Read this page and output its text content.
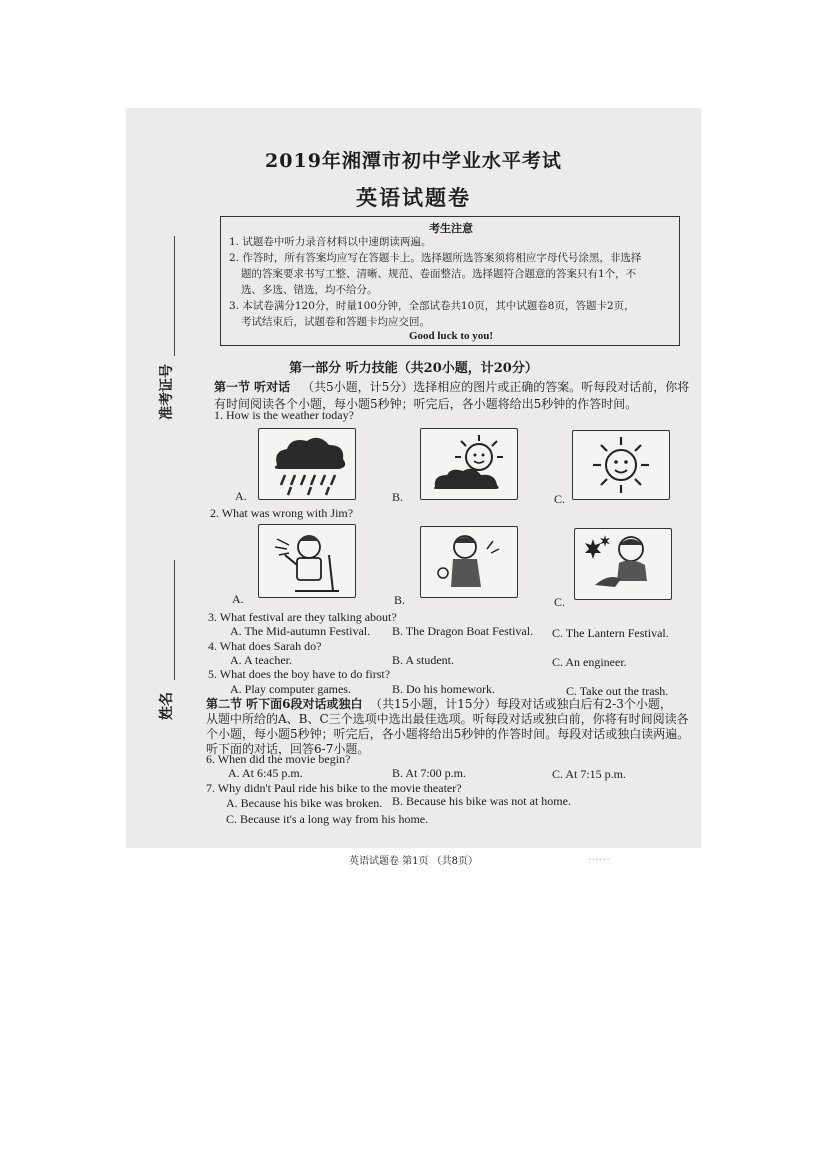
准考证号
姓名
2019年湘潭市初中学业水平考试
英语试题卷
考生注意
1. 试题卷中听力录音材料以中速朗读两遍。
2. 作答时，所有答案均应写在答题卡上。选择题所选答案须将相应字母代号涂黑，非选择
题的答案要求书写工整、清晰、规范、卷面整洁。选择题符合题意的答案只有1个，不
选、多选、错选，均不给分。
3. 本试卷满分120分，时量100分钟，全部试卷共10页，其中试题卷8页，答题卡2页，
考试结束后，试题卷和答题卡均应交回。
Good luck to you!
第一部分 听力技能（共20小题，计20分）
第一节 听对话 （共5小题，计5分）选择相应的图片或正确的答案。听每段对话前，你将
有时间阅读各个小题，每小题5秒钟；听完后，各小题将给出5秒钟的作答时间。
1. How is the weather today?
A.	B.	C.
2. What was wrong with Jim?
A.	B.	C.
3. What festival are they talking about?
A. The Mid-autumn Festival. B. The Dragon Boat Festival. C. The Lantern Festival.
4. What does Sarah do?
A. A teacher.	B. A student.	C. An engineer.
5. What does the boy have to do first?
A. Play computer games.	B. Do his homework.	C. Take out the trash.
第二节 听下面6段对话或独白 （共15小题，计15分）每段对话或独白后有2-3个小题，
从题中所给的A、B、C三个选项中选出最佳选项。听每段对话或独白前，你将有时间阅读各
个小题，每小题5秒钟；听完后，各小题将给出5秒钟的作答时间。每段对话或独白读两遍。
听下面的对话，回答6-7小题。
6. When did the movie begin?
A. At 6:45 p.m.	B. At 7:00 p.m.	C. At 7:15 p.m.
7. Why didn't Paul ride his bike to the movie theater?
A. Because his bike was broken. B. Because his bike was not at home.
C. Because it's a long way from his home.
英语试题卷 第1页 （共8页）	……
